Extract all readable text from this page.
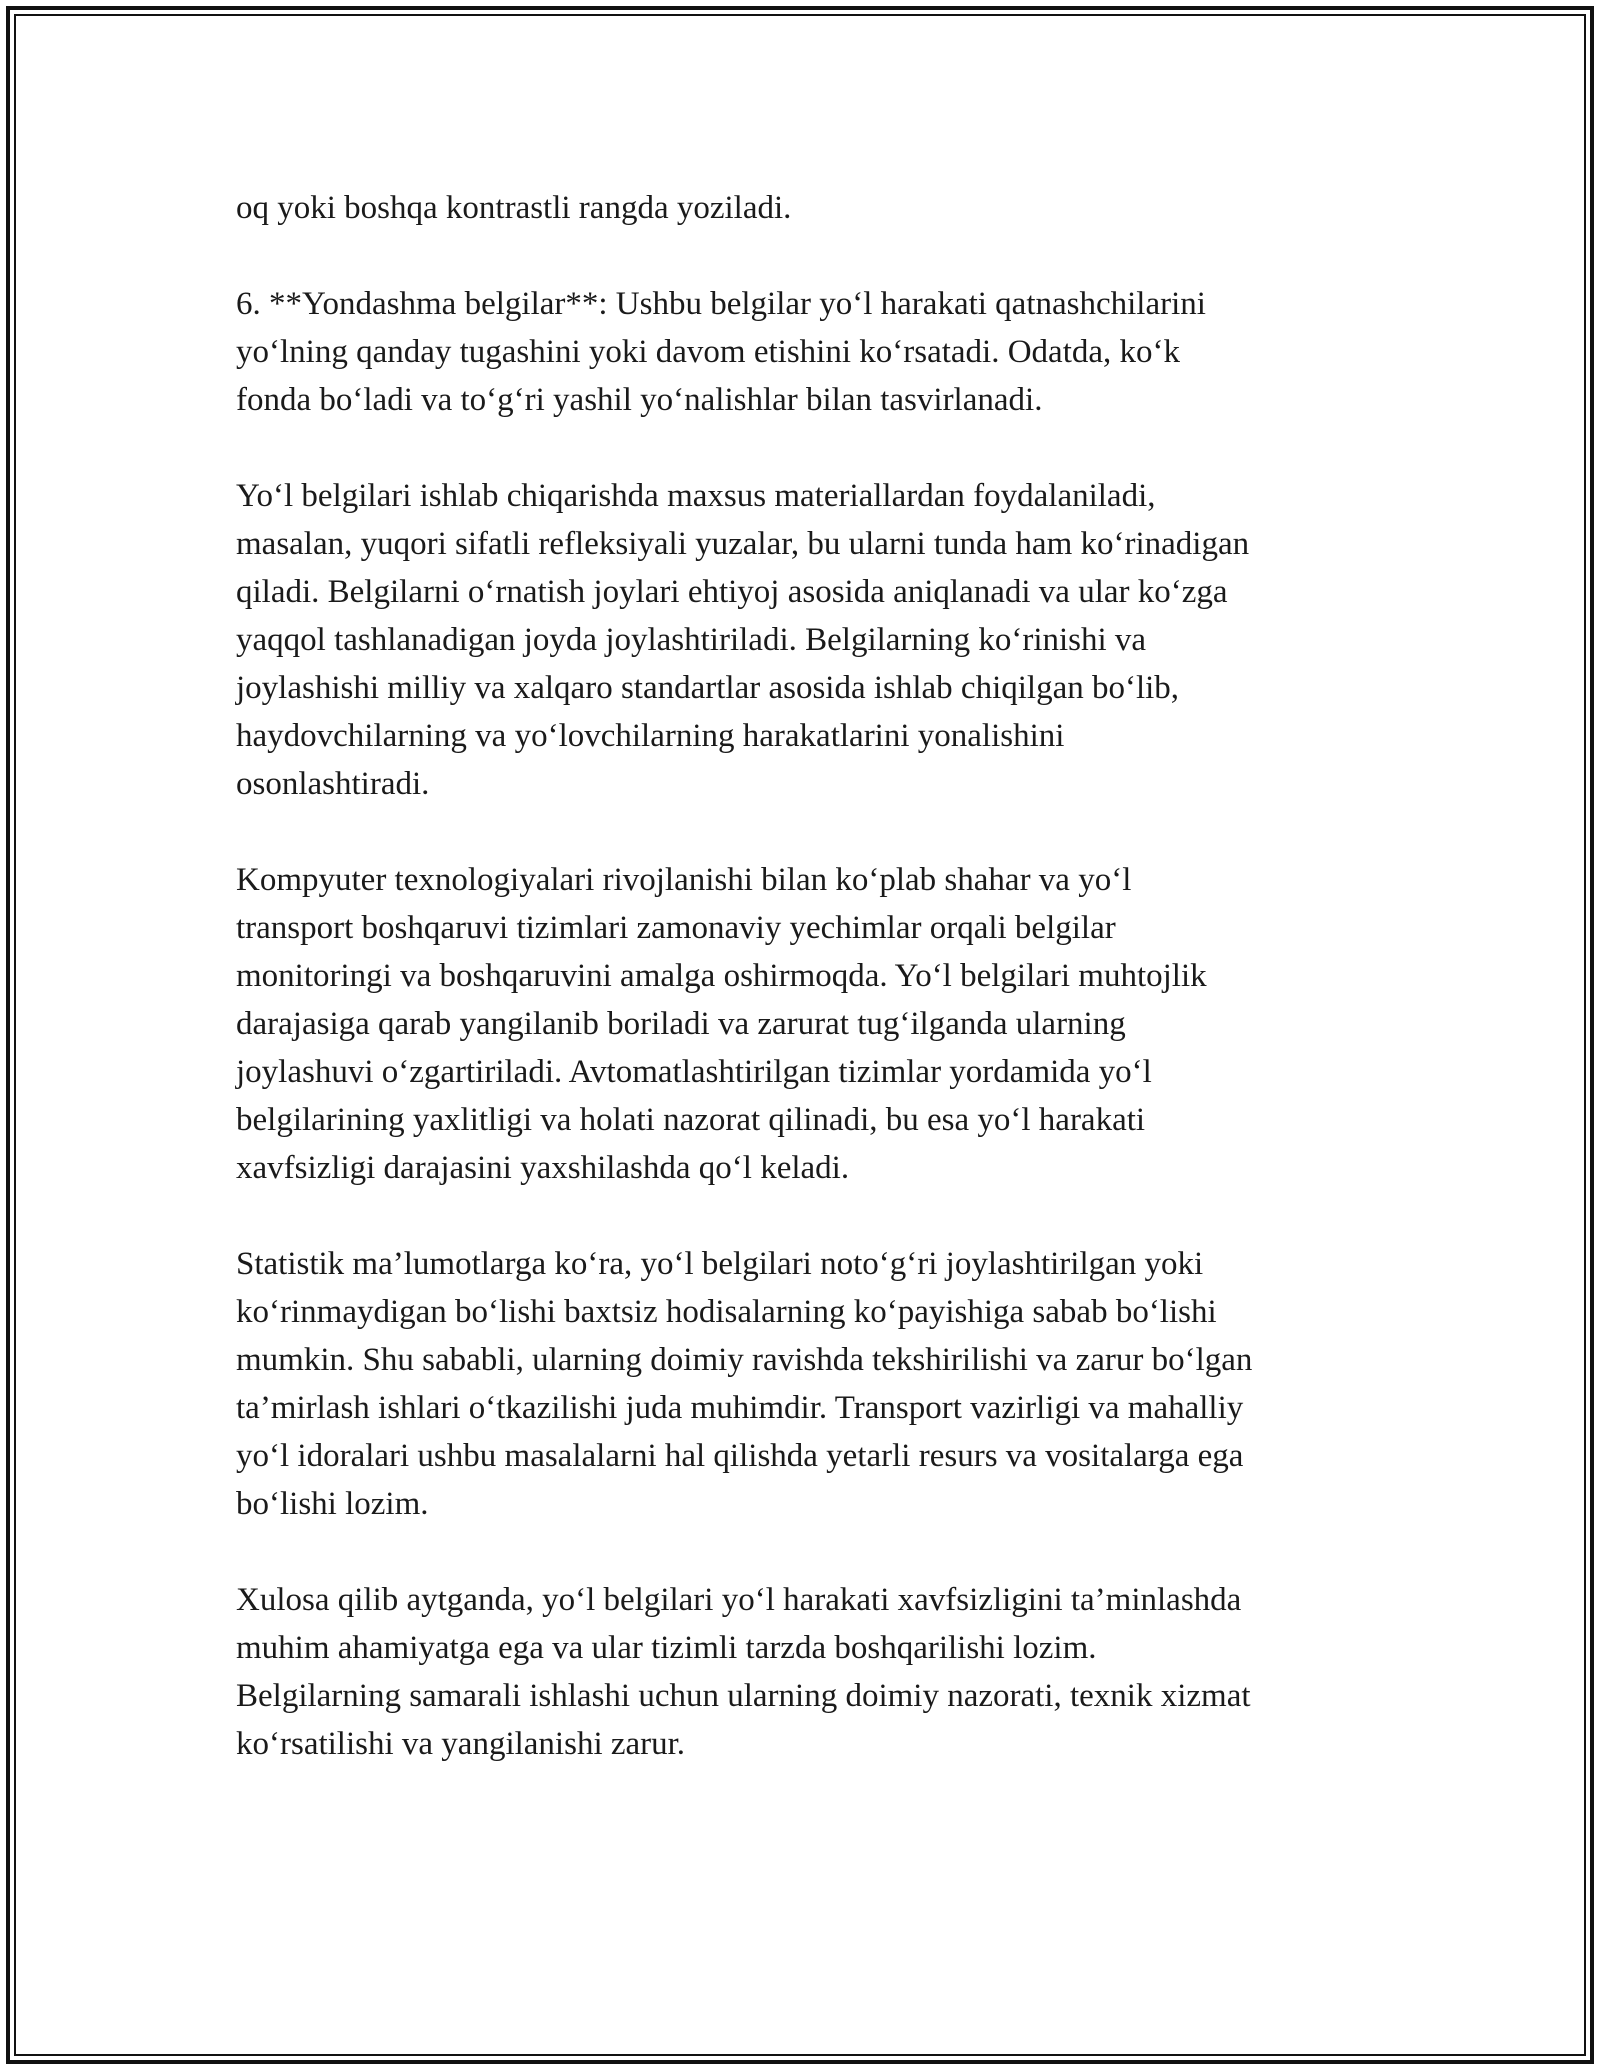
oq yoki boshqa kontrastli rangda yoziladi.

6. **Yondashma belgilar**: Ushbu belgilar yo‘l harakati qatnashchilarini
yo‘lning qanday tugashini yoki davom etishini ko‘rsatadi. Odatda, ko‘k
fonda bo‘ladi va to‘g‘ri yashil yo‘nalishlar bilan tasvirlanadi.

Yo‘l belgilari ishlab chiqarishda maxsus materiallardan foydalaniladi,
masalan, yuqori sifatli refleksiyali yuzalar, bu ularni tunda ham ko‘rinadigan
qiladi. Belgilarni o‘rnatish joylari ehtiyoj asosida aniqlanadi va ular ko‘zga
yaqqol tashlanadigan joyda joylashtiriladi. Belgilarning ko‘rinishi va
joylashishi milliy va xalqaro standartlar asosida ishlab chiqilgan bo‘lib,
haydovchilarning va yo‘lovchilarning harakatlarini yonalishini
osonlashtiradi.

Kompyuter texnologiyalari rivojlanishi bilan ko‘plab shahar va yo‘l
transport boshqaruvi tizimlari zamonaviy yechimlar orqali belgilar
monitoringi va boshqaruvini amalga oshirmoqda. Yo‘l belgilari muhtojlik
darajasiga qarab yangilanib boriladi va zarurat tug‘ilganda ularning
joylashuvi o‘zgartiriladi. Avtomatlashtirilgan tizimlar yordamida yo‘l
belgilarining yaxlitligi va holati nazorat qilinadi, bu esa yo‘l harakati
xavfsizligi darajasini yaxshilashda qo‘l keladi.

Statistik ma’lumotlarga ko‘ra, yo‘l belgilari noto‘g‘ri joylashtirilgan yoki
ko‘rinmaydigan bo‘lishi baxtsiz hodisalarning ko‘payishiga sabab bo‘lishi
mumkin. Shu sababli, ularning doimiy ravishda tekshirilishi va zarur bo‘lgan
ta’mirlash ishlari o‘tkazilishi juda muhimdir. Transport vazirligi va mahalliy
yo‘l idoralari ushbu masalalarni hal qilishda yetarli resurs va vositalarga ega
bo‘lishi lozim.

Xulosa qilib aytganda, yo‘l belgilari yo‘l harakati xavfsizligini ta’minlashda
muhim ahamiyatga ega va ular tizimli tarzda boshqarilishi lozim.
Belgilarning samarali ishlashi uchun ularning doimiy nazorati, texnik xizmat
ko‘rsatilishi va yangilanishi zarur.
